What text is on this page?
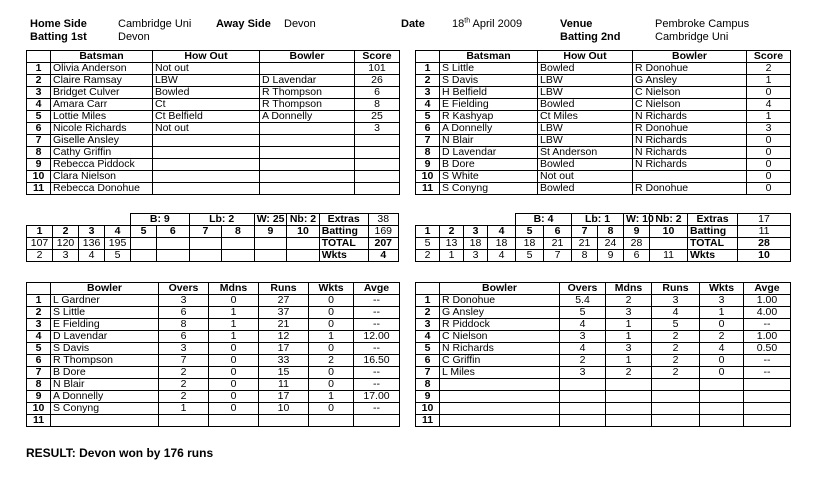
Home Side	Cambridge Uni Away Side Devon
Batting 1st	Devon
Date 18th April 2009	Venue	Pembroke Campus
Batting 2nd	Cambridge Uni
	Batsman	How Out	Bowler	Score
1	Olivia Anderson	Not out		101
2	Claire Ramsay	LBW	D Lavendar	26
3	Bridget Culver	Bowled	R Thompson	6
4	Amara Carr	Ct	R Thompson	8
5	Lottie Miles	Ct Belfield	A Donnelly	25
6	Nicole Richards	Not out		3
7	Giselle Ansley			
8	Cathy Griffin			
9	Rebecca Piddock			
10	Clara Nielson			
11	Rebecca Donohue			
	Batsman	How Out	Bowler	Score
1	S Little	Bowled	R Donohue	2
2	S Davis	LBW	G Ansley	1
3	H Belfield	LBW	C Nielson	0
4	E Fielding	Bowled	C Nielson	4
5	R Kashyap	Ct Miles	N Richards	1
6	A Donnelly	LBW	R Donohue	3
7	N Blair	LBW	N Richards	0
8	D Lavendar	St Anderson	N Richards	0
9	B Dore	Bowled	N Richards	0
10	S White	Not out		0
11	S Conyng	Bowled	R Donohue	0
				B: 9		Lb: 2		W: 25	Nb: 2	Extras	38
1	2	3	4	5	6	7	8	9	10	Batting	169
107	120	136	195							TOTAL	207
2	3	4	5							Wkts	4
				B: 4		Lb: 1		W: 10	Nb: 2	Extras	17
1	2	3	4	5	6	7	8	9	10	Batting	11
5	13	18	18	18	21	21	24	28		TOTAL	28
2	1	3	4	5	7	8	9	6	11	Wkts	10
	Bowler	Overs	Mdns	Runs	Wkts	Avge
1	L Gardner	3	0	27	0	--
2	S Little	6	1	37	0	--
3	E Fielding	8	1	21	0	--
4	D Lavendar	6	1	12	1	12.00
5	S Davis	3	0	17	0	--
6	R Thompson	7	0	33	2	16.50
7	B Dore	2	0	15	0	--
8	N Blair	2	0	11	0	--
9	A Donnelly	2	0	17	1	17.00
10	S Conyng	1	0	10	0	--
11						
	Bowler	Overs	Mdns	Runs	Wkts	Avge
1	R Donohue	5.4	2	3	3	1.00
2	G Ansley	5	3	4	1	4.00
3	R Piddock	4	1	5	0	--
4	C Nielson	3	1	2	2	1.00
5	N Richards	4	3	2	4	0.50
6	C Griffin	2	1	2	0	--
7	L Miles	3	2	2	0	--
8						
9						
10						
11						
RESULT: Devon won by 176 runs
